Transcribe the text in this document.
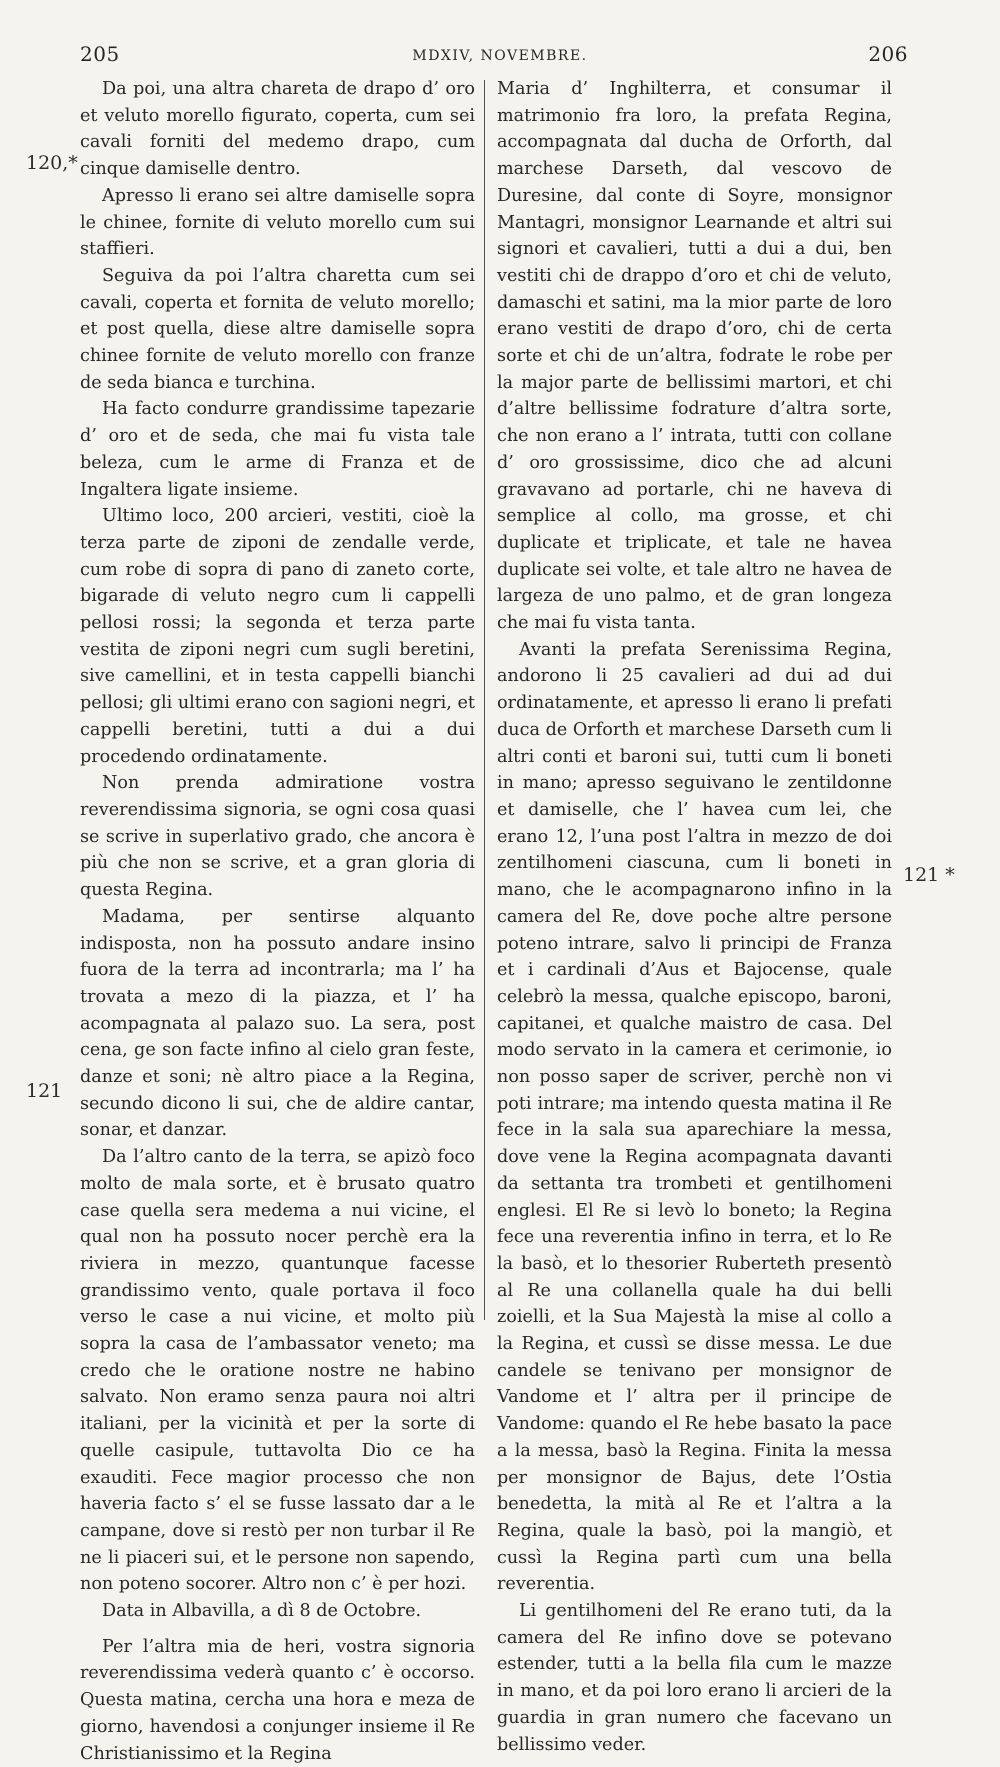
205	MDXIV, NOVEMBRE.	206
120,*
121
121 *

Da poi, una altra chareta de drapo d’ oro et veluto morello figurato, coperta, cum sei cavali forniti del medemo drapo, cum cinque damiselle dentro.

Apresso li erano sei altre damiselle sopra le chinee, fornite di veluto morello cum sui staffieri.

Seguiva da poi l’altra charetta cum sei cavali, coperta et fornita de veluto morello; et post quella, diese altre damiselle sopra chinee fornite de veluto morello con franze de seda bianca e turchina.

Ha facto condurre grandissime tapezarie d’ oro et de seda, che mai fu vista tale beleza, cum le arme di Franza et de Ingaltera ligate insieme.

Ultimo loco, 200 arcieri, vestiti, cioè la terza parte de ziponi de zendalle verde, cum robe di sopra di pano di zaneto corte, bigarade di veluto negro cum li cappelli pellosi rossi; la segonda et terza parte vestita de ziponi negri cum sugli beretini, sive camellini, et in testa cappelli bianchi pellosi; gli ultimi erano con sagioni negri, et cappelli beretini, tutti a dui a dui procedendo ordinatamente.

Non prenda admiratione vostra reverendissima signoria, se ogni cosa quasi se scrive in superlativo grado, che ancora è più che non se scrive, et a gran gloria di questa Regina.

Madama, per sentirse alquanto indisposta, non ha possuto andare insino fuora de la terra ad incontrarla; ma l’ ha trovata a mezo di la piazza, et l’ ha acompagnata al palazo suo. La sera, post cena, ge son facte infino al cielo gran feste, danze et soni; nè altro piace a la Regina, secundo dicono li sui, che de aldire cantar, sonar, et danzar.

Da l’altro canto de la terra, se apizò foco molto de mala sorte, et è brusato quatro case quella sera medema a nui vicine, el qual non ha possuto nocer perchè era la riviera in mezzo, quantunque facesse grandissimo vento, quale portava il foco verso le case a nui vicine, et molto più sopra la casa de l’ambassator veneto; ma credo che le oratione nostre ne habino salvato. Non eramo senza paura noi altri italiani, per la vicinità et per la sorte di quelle casipule, tuttavolta Dio ce ha exauditi. Fece magior processo che non haveria facto s’ el se fusse lassato dar a le campane, dove si restò per non turbar il Re ne li piaceri sui, et le persone non sapendo, non poteno socorer. Altro non c’ è per hozi.

Data in Albavilla, a dì 8 de Octobre.

Per l’altra mia de heri, vostra signoria reverendissima vederà quanto c’ è occorso. Questa matina, cercha una hora e meza de giorno, havendosi a conjunger insieme il Re Christianissimo et la Regina

Maria d’ Inghilterra, et consumar il matrimonio fra loro, la prefata Regina, accompagnata dal ducha de Orforth, dal marchese Darseth, dal vescovo de Duresine, dal conte di Soyre, monsignor Mantagri, monsignor Learnande et altri sui signori et cavalieri, tutti a dui a dui, ben vestiti chi de drappo d’oro et chi de veluto, damaschi et satini, ma la mior parte de loro erano vestiti de drapo d’oro, chi de certa sorte et chi de un’altra, fodrate le robe per la major parte de bellissimi martori, et chi d’altre bellissime fodrature d’altra sorte, che non erano a l’ intrata, tutti con collane d’ oro grossissime, dico che ad alcuni gravavano ad portarle, chi ne haveva di semplice al collo, ma grosse, et chi duplicate et triplicate, et tale ne havea duplicate sei volte, et tale altro ne havea de largeza de uno palmo, et de gran longeza che mai fu vista tanta.

Avanti la prefata Serenissima Regina, andorono li 25 cavalieri ad dui ad dui ordinatamente, et apresso li erano li prefati duca de Orforth et marchese Darseth cum li altri conti et baroni sui, tutti cum li boneti in mano; apresso seguivano le zentildonne et damiselle, che l’ havea cum lei, che erano 12, l’una post l’altra in mezzo de doi zentilhomeni ciascuna, cum li boneti in mano, che le acompagnarono infino in la camera del Re, dove poche altre persone poteno intrare, salvo li principi de Franza et i cardinali d’Aus et Bajocense, quale celebrò la messa, qualche episcopo, baroni, capitanei, et qualche maistro de casa. Del modo servato in la camera et cerimonie, io non posso saper de scriver, perchè non vi poti intrare; ma intendo questa matina il Re fece in la sala sua aparechiare la messa, dove vene la Regina acompagnata davanti da settanta tra trombeti et gentilhomeni englesi. El Re si levò lo boneto; la Regina fece una reverentia infino in terra, et lo Re la basò, et lo thesorier Ruberteth presentò al Re una collanella quale ha dui belli zoielli, et la Sua Majestà la mise al collo a la Regina, et cussì se disse messa. Le due candele se tenivano per monsignor de Vandome et l’ altra per il principe de Vandome: quando el Re hebe basato la pace a la messa, basò la Regina. Finita la messa per monsignor de Bajus, dete l’Ostia benedetta, la mità al Re et l’altra a la Regina, quale la basò, poi la mangiò, et cussì la Regina partì cum una bella reverentia.

Li gentilhomeni del Re erano tuti, da la camera del Re infino dove se potevano estender, tutti a la bella fila cum le mazze in mano, et da poi loro erano li arcieri de la guardia in gran numero che facevano un bellissimo veder.
